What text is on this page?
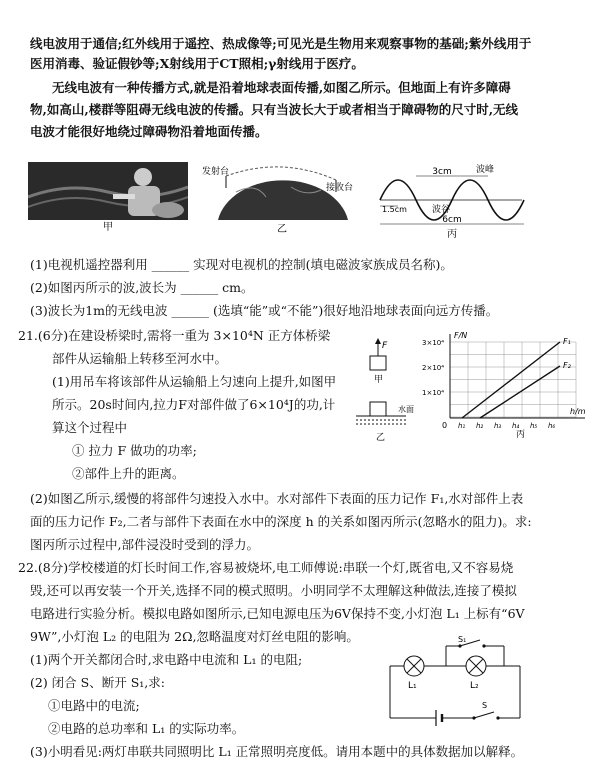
线电波用于通信;红外线用于遥控、热成像等;可见光是生物用来观察事物的基础;紫外线用于
医用消毒、验证假钞等;X射线用于CT照相;γ射线用于医疗。
无线电波有一种传播方式,就是沿着地球表面传播,如图乙所示。但地面上有许多障碍
物,如高山,楼群等阻碍无线电波的传播。只有当波长大于或者相当于障碍物的尺寸时,无线
电波才能很好地绕过障碍物沿着地面传播。
甲
发射台
接收台
乙
3cm	波峰
1.5cm	波谷
6cm
丙
(1)电视机遥控器利用 ______ 实现对电视机的控制(填电磁波家族成员名称)。
(2)如图丙所示的波,波长为 ______ cm。
(3)波长为1m的无线电波 ______ (选填“能”或“不能”)很好地沿地球表面向远方传播。
21.(6分)在建设桥梁时,需将一重为 3×10⁴N 正方体桥梁
部件从运输船上转移至河水中。
(1)用吊车将该部件从运输船上匀速向上提升,如图甲
所示。20s时间内,拉力F对部件做了6×10⁴J的功,计
算这个过程中
① 拉力 F 做功的功率;
②部件上升的距离。
(2)如图乙所示,缓慢的将部件匀速投入水中。水对部件下表面的压力记作 F₁,水对部件上表
面的压力记作 F₂,二者与部件下表面在水中的深度 h 的关系如图丙所示(忽略水的阻力)。求:
图丙所示过程中,部件浸没时受到的浮力。
F
甲
水面
乙
F/N
h/m
3×10⁴
2×10⁴
1×10⁴
0 h₁ h₂ h₃ h₄ h₅ h₆
F₁
F₂
丙
22.(8分)学校楼道的灯长时间工作,容易被烧坏,电工师傅说:串联一个灯,既省电,又不容易烧
毁,还可以再安装一个开关,选择不同的模式照明。小明同学不太理解这种做法,连接了模拟
电路进行实验分析。模拟电路如图所示,已知电源电压为6V保持不变,小灯泡 L₁ 上标有“6V
9W”,小灯泡 L₂ 的电阻为 2Ω,忽略温度对灯丝电阻的影响。
(1)两个开关都闭合时,求电路中电流和 L₁ 的电阻;
(2) 闭合 S、断开 S₁,求:
①电路中的电流;
②电路的总功率和 L₁ 的实际功率。
(3)小明看见:两灯串联共同照明比 L₁ 正常照明亮度低。请用本题中的具体数据加以解释。
L₁	L₂
S₁
S
